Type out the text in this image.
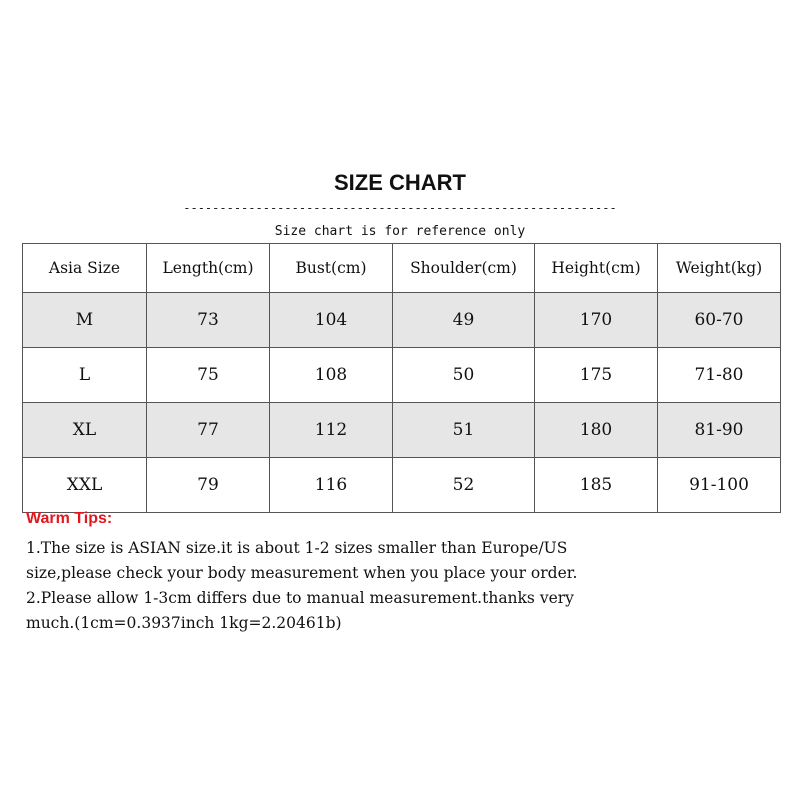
SIZE CHART
------------------------------------------------------------
Size chart is for reference only
Asia Size	Length(cm)	Bust(cm)	Shoulder(cm)	Height(cm)	Weight(kg)
M	73	104	49	170	60-70
L	75	108	50	175	71-80
XL	77	112	51	180	81-90
XXL	79	116	52	185	91-100
Warm Tips:

1.The size is ASIAN size.it is about 1-2 sizes smaller than Europe/US

size,please check your body measurement when you place your order.

2.Please allow 1-3cm differs due to manual measurement.thanks very

much.(1cm=0.3937inch 1kg=2.20461b)
